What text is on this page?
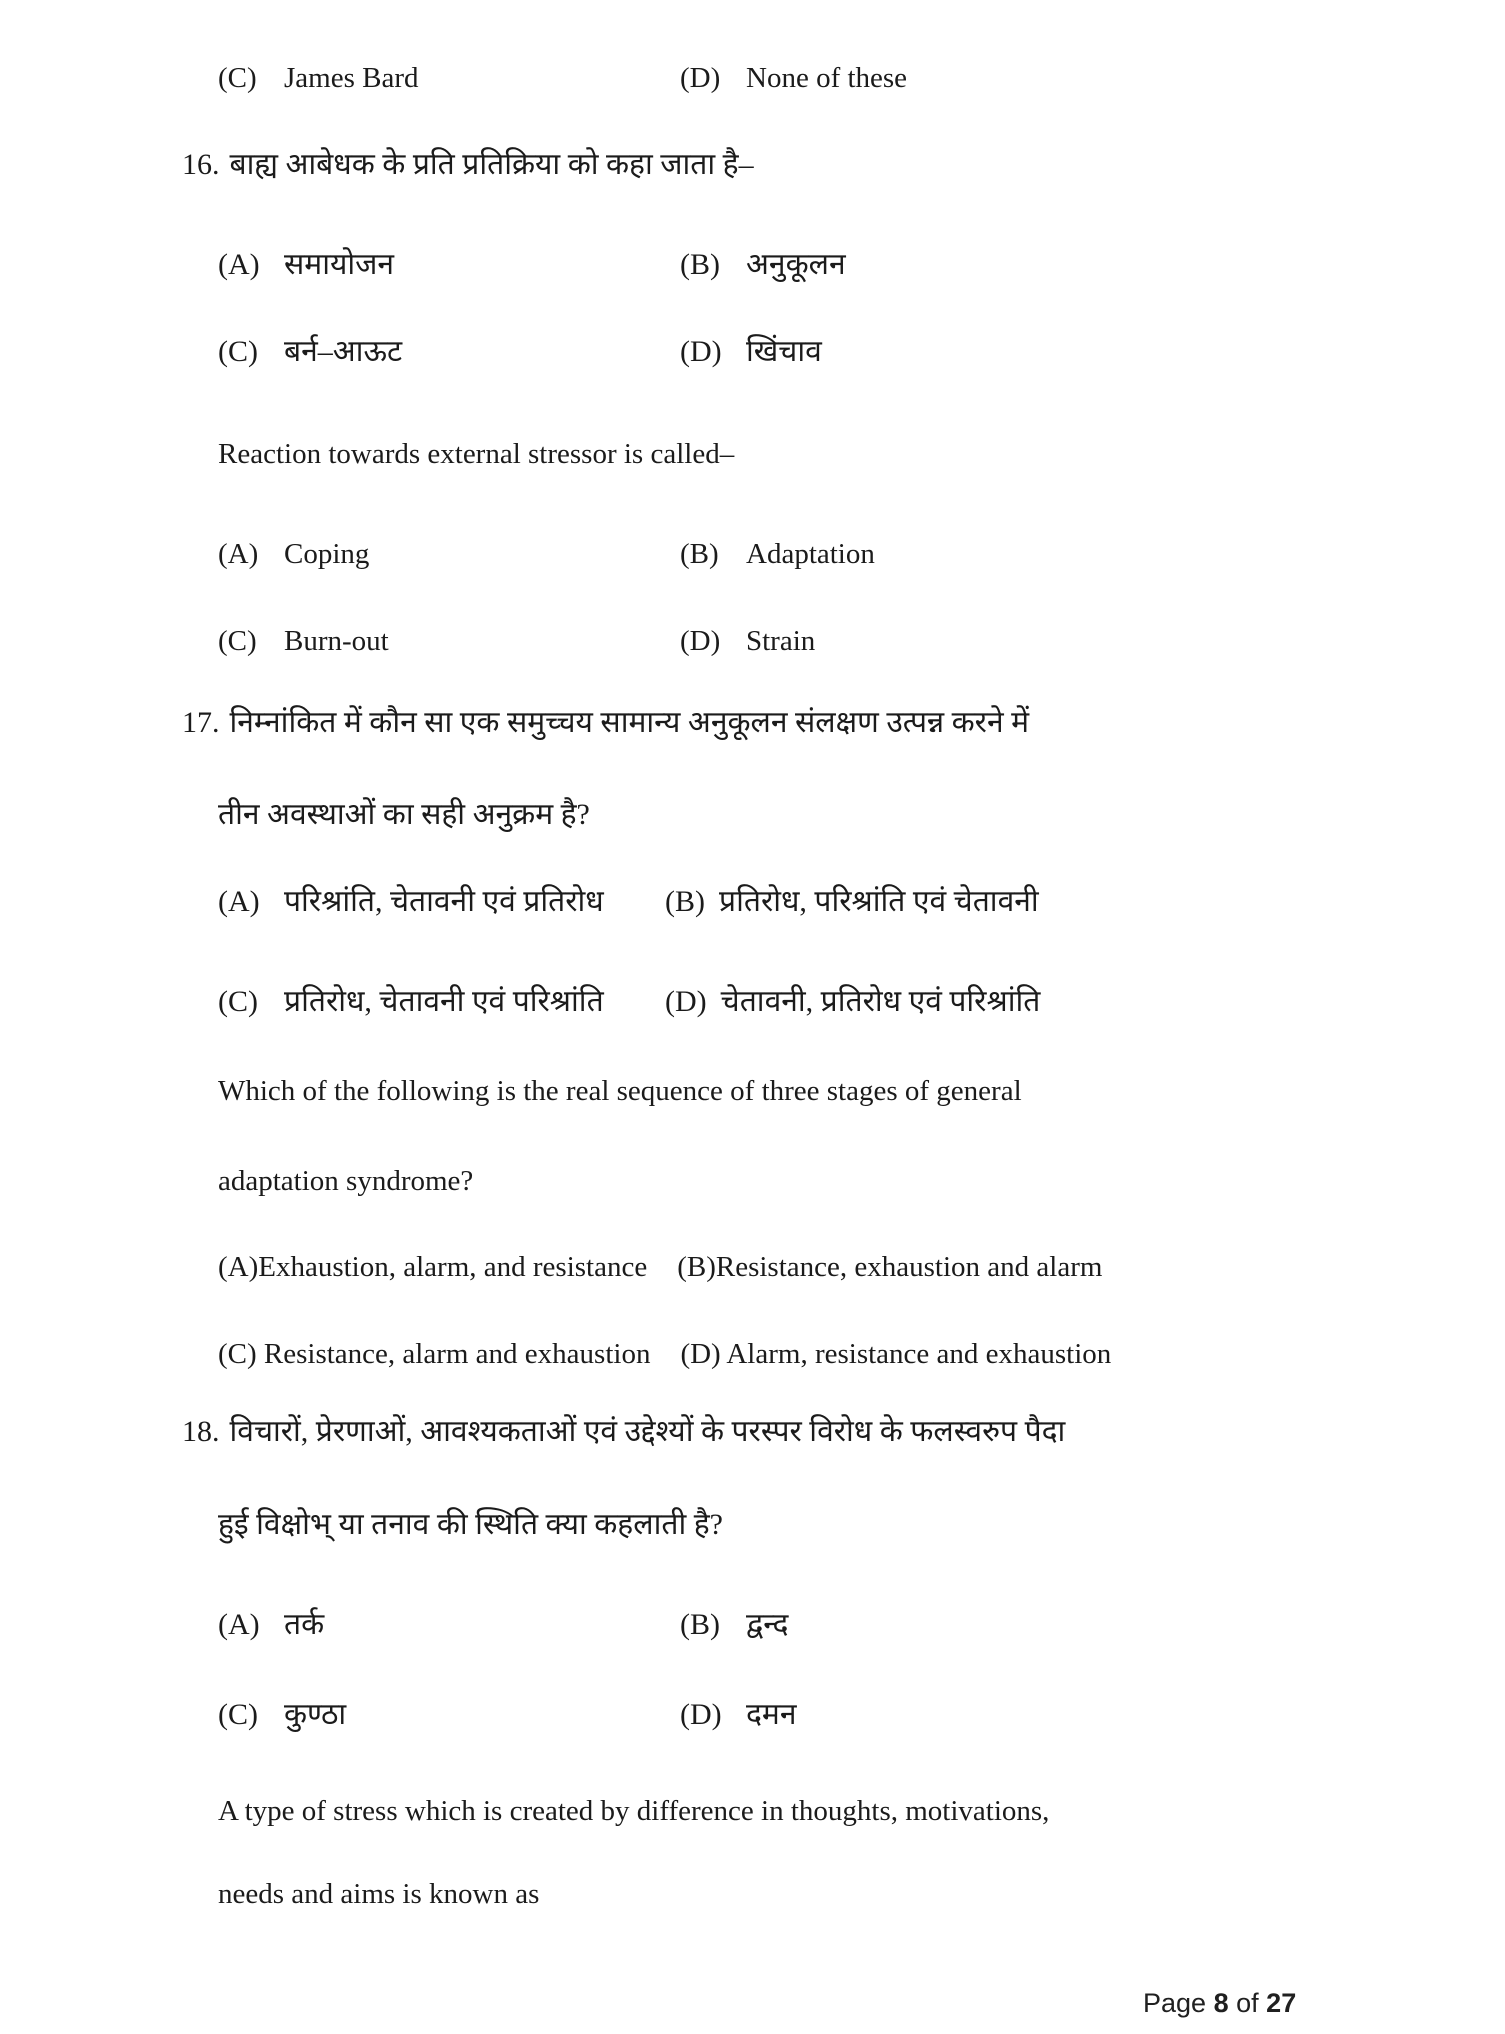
(C) James Bard	(D) None of these
16. बाह्य आबेधक के प्रति प्रतिक्रिया को कहा जाता है–
(A) समायोजन	(B) अनुकूलन
(C) बर्न–आऊट	(D) खिंचाव
Reaction towards external stressor is called–
(A) Coping	(B) Adaptation
(C) Burn-out	(D) Strain
17. निम्नांकित में कौन सा एक समुच्चय सामान्य अनुकूलन संलक्षण उत्पन्न करने में
तीन अवस्थाओं का सही अनुक्रम है?
(A) परिश्रांति, चेतावनी एवं प्रतिरोध (B) प्रतिरोध, परिश्रांति एवं चेतावनी
(C) प्रतिरोध, चेतावनी एवं परिश्रांति (D) चेतावनी, प्रतिरोध एवं परिश्रांति
Which of the following is the real sequence of three stages of general
adaptation syndrome?
(A)Exhaustion, alarm, and resistance (B)Resistance, exhaustion and alarm
(C) Resistance, alarm and exhaustion (D) Alarm, resistance and exhaustion
18. विचारों, प्रेरणाओं, आवश्यकताओं एवं उद्देश्यों के परस्पर विरोध के फलस्वरुप पैदा
हुई विक्षोभ् या तनाव की स्थिति क्या कहलाती है?
(A) तर्क	(B) द्वन्द
(C) कुण्ठा	(D) दमन
A type of stress which is created by difference in thoughts, motivations,
needs and aims is known as
Page 8 of 27
